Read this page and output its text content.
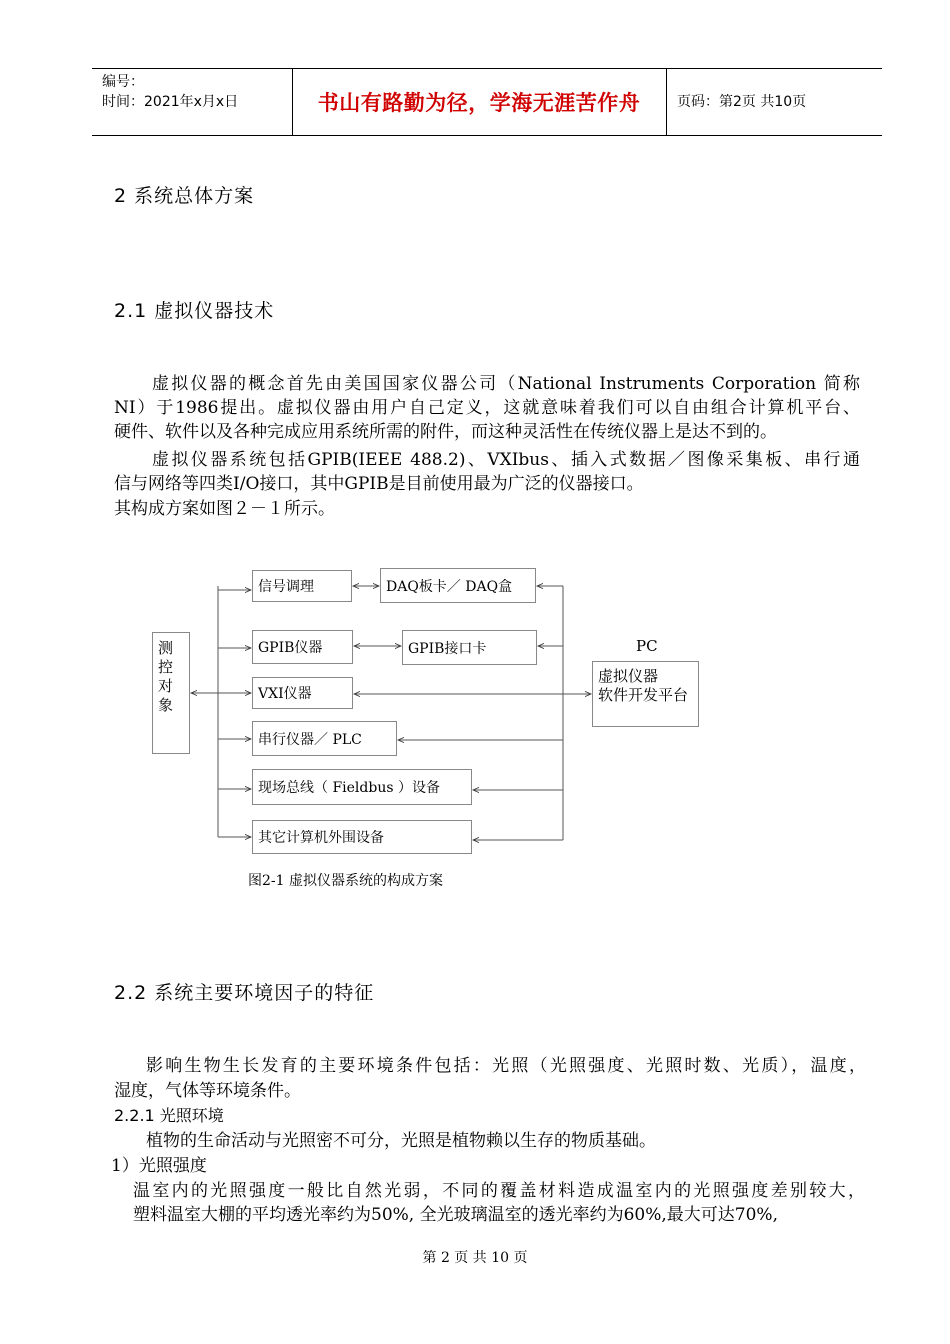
编号：
时间：2021年x月x日	书山有路勤为径，学海无涯苦作舟	页码：第2页 共10页
2 系统总体方案
2.1 虚拟仪器技术
虚拟仪器的概念首先由美国国家仪器公司（National Instruments Corporation 简称
NI）于1986提出。虚拟仪器由用户自己定义，这就意味着我们可以自由组合计算机平台、
硬件、软件以及各种完成应用系统所需的附件，而这种灵活性在传统仪器上是达不到的。
虚拟仪器系统包括GPIB(IEEE 488.2)、VXIbus、插入式数据／图像采集板、串行通
信与网络等四类I/O接口，其中GPIB是目前使用最为广泛的仪器接口。
其构成方案如图２－１所示。
测
控
对
象
信号调理	DAQ板卡／ DAQ盒
GPIB仪器	GPIB接口卡
VXI仪器
串行仪器／ PLC
现场总线（ Fieldbus ）设备
其它计算机外围设备
PC
虚拟仪器
软件开发平台
图2-1 虚拟仪器系统的构成方案
2.2 系统主要环境因子的特征
影响生物生长发育的主要环境条件包括：光照（光照强度、光照时数、光质），温度，
湿度，气体等环境条件。
2.2.1 光照环境
植物的生命活动与光照密不可分，光照是植物赖以生存的物质基础。
1）光照强度
温室内的光照强度一般比自然光弱，不同的覆盖材料造成温室内的光照强度差别较大，
塑料温室大棚的平均透光率约为50%, 全光玻璃温室的透光率约为60%,最大可达70%,
第 2 页 共 10 页
